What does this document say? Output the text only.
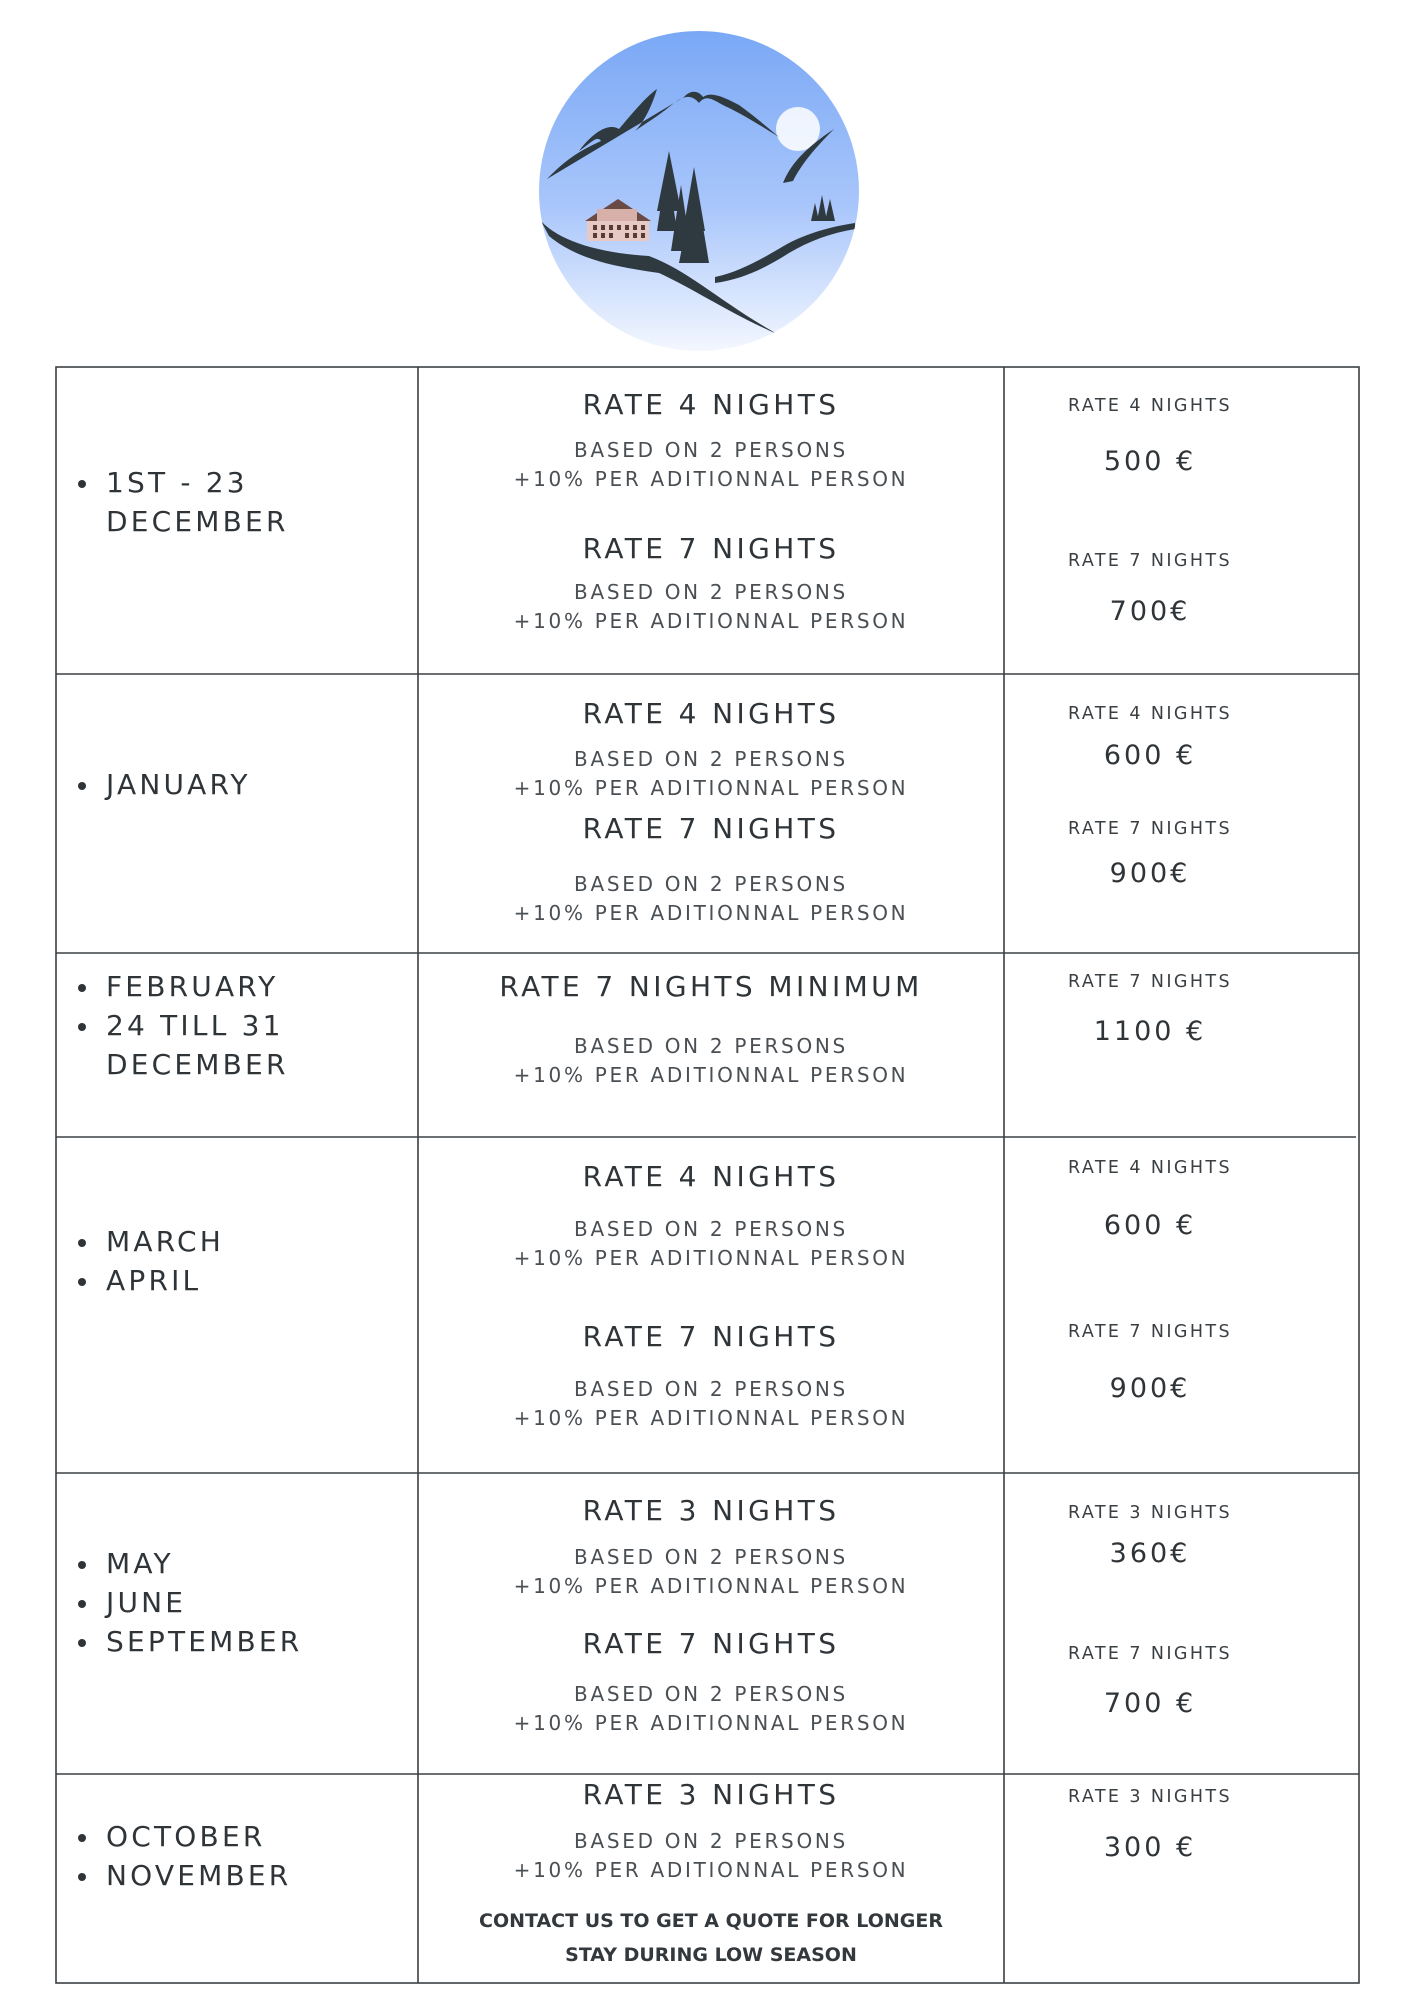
1ST - 23 DECEMBER
RATE 4 NIGHTS
BASED ON 2 PERSONS
+10% PER ADITIONNAL PERSON
RATE 7 NIGHTS
BASED ON 2 PERSONS
+10% PER ADITIONNAL PERSON
RATE 4 NIGHTS
500 €
RATE 7 NIGHTS
700€
JANUARY
RATE 4 NIGHTS
BASED ON 2 PERSONS
+10% PER ADITIONNAL PERSON
RATE 7 NIGHTS
BASED ON 2 PERSONS
+10% PER ADITIONNAL PERSON
RATE 4 NIGHTS
600 €
RATE 7 NIGHTS
900€
FEBRUARY
24 TILL 31 DECEMBER
RATE 7 NIGHTS MINIMUM
BASED ON 2 PERSONS
+10% PER ADITIONNAL PERSON
RATE 7 NIGHTS
1100 €
MARCH
APRIL
RATE 4 NIGHTS
BASED ON 2 PERSONS
+10% PER ADITIONNAL PERSON
RATE 7 NIGHTS
BASED ON 2 PERSONS
+10% PER ADITIONNAL PERSON
RATE 4 NIGHTS
600 €
RATE 7 NIGHTS
900€
MAY
JUNE
SEPTEMBER
RATE 3 NIGHTS
BASED ON 2 PERSONS
+10% PER ADITIONNAL PERSON
RATE 7 NIGHTS
BASED ON 2 PERSONS
+10% PER ADITIONNAL PERSON
RATE 3 NIGHTS
360€
RATE 7 NIGHTS
700 €
OCTOBER
NOVEMBER
RATE 3 NIGHTS
BASED ON 2 PERSONS
+10% PER ADITIONNAL PERSON
CONTACT US TO GET A QUOTE FOR LONGER
STAY DURING LOW SEASON
RATE 3 NIGHTS
300 €
